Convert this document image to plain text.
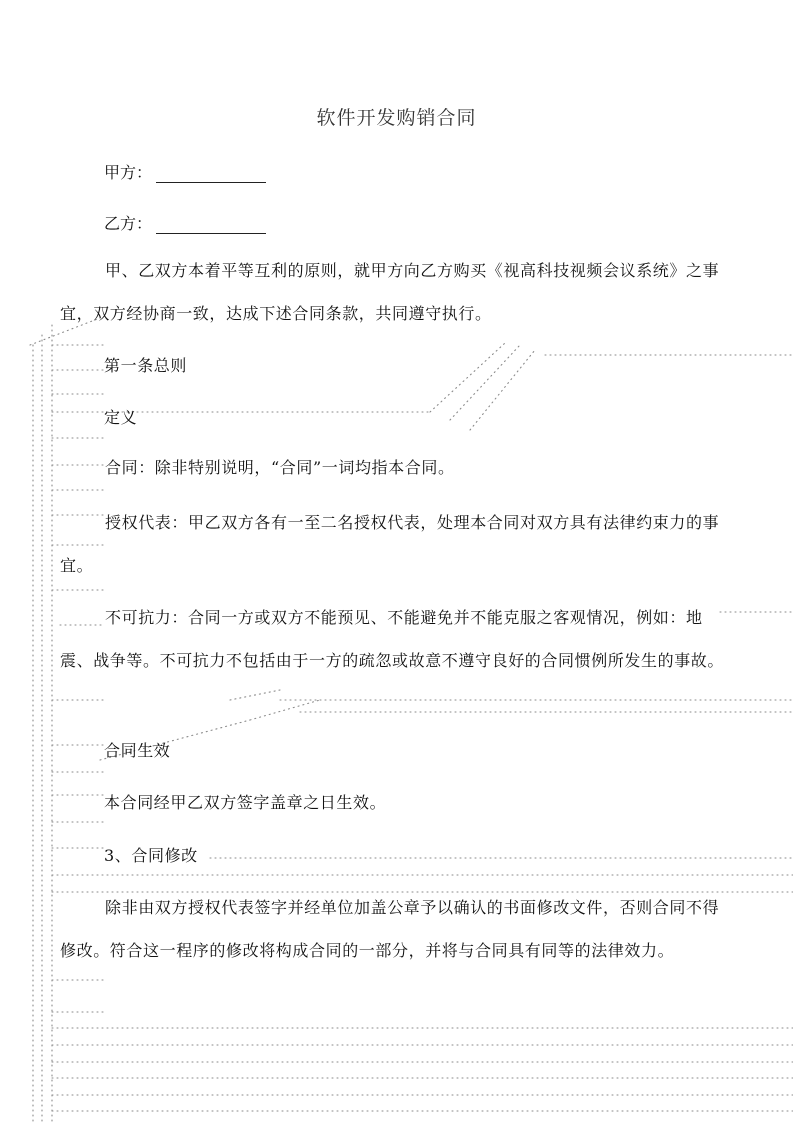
软件开发购销合同
甲方：
乙方：

甲、乙双方本着平等互利的原则，就甲方向乙方购买《视高科技视频会议系统》之事宜，双方经协商一致，达成下述合同条款，共同遵守执行。

第一条总则

定义

合同：除非特别说明，“合同”一词均指本合同。

授权代表：甲乙双方各有一至二名授权代表，处理本合同对双方具有法律约束力的事宜。

不可抗力：合同一方或双方不能预见、不能避免并不能克服之客观情况，例如：地震、战争等。不可抗力不包括由于一方的疏忽或故意不遵守良好的合同惯例所发生的事故。

合同生效

本合同经甲乙双方签字盖章之日生效。

3、合同修改

除非由双方授权代表签字并经单位加盖公章予以确认的书面修改文件，否则合同不得修改。符合这一程序的修改将构成合同的一部分，并将与合同具有同等的法律效力。
